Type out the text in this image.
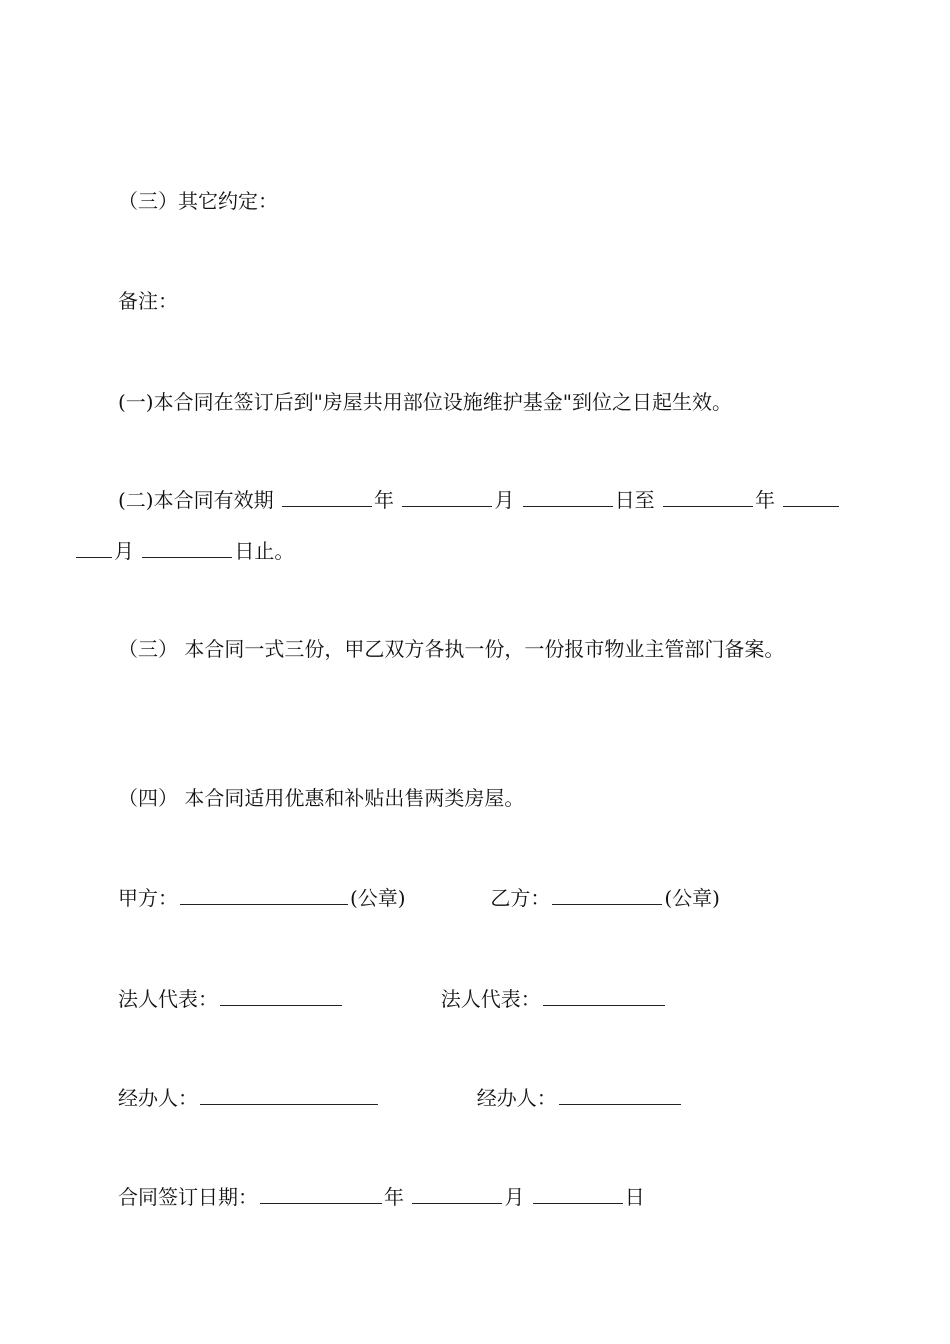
（三）其它约定：
备注：
(一)本合同在签订后到"房屋共用部位设施维护基金"到位之日起生效。
(二)本合同有效期	年	月	日至	年
月	日止。
（三） 本合同一式三份，甲乙双方各执一份，一份报市物业主管部门备案。
（四） 本合同适用优惠和补贴出售两类房屋。
甲方：	(公章)	乙方：	(公章)
法人代表：	法人代表：
经办人：	经办人：
合同签订日期：	年	月	日
